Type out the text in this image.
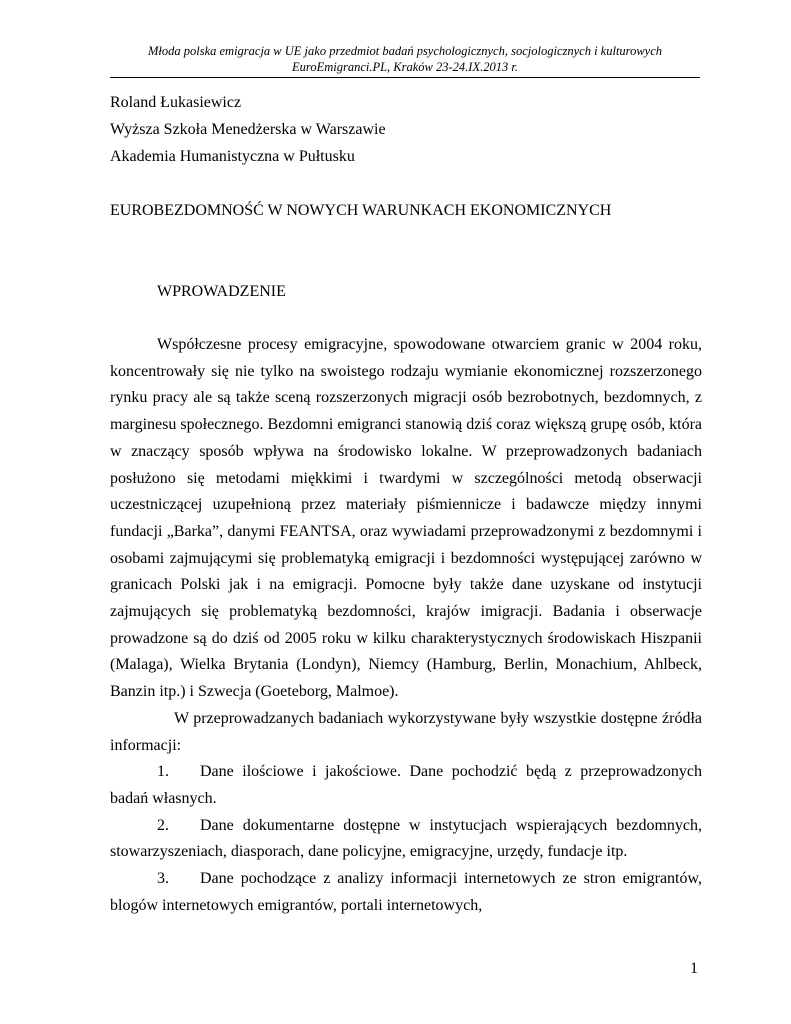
Młoda polska emigracja w UE jako przedmiot badań psychologicznych, socjologicznych i kulturowych
EuroEmigranci.PL, Kraków 23-24.IX.2013 r.
Roland Łukasiewicz
Wyższa Szkoła Menedżerska w Warszawie
Akademia Humanistyczna w Pułtusku
EUROBEZDOMNOŚĆ W NOWYCH WARUNKACH EKONOMICZNYCH
WPROWADZENIE

Współczesne procesy emigracyjne, spowodowane otwarciem granic w 2004 roku, koncentrowały się nie tylko na swoistego rodzaju wymianie ekonomicznej rozszerzonego rynku pracy ale są także sceną rozszerzonych migracji osób bezrobotnych, bezdomnych, z marginesu społecznego. Bezdomni emigranci stanowią dziś coraz większą grupę osób, która w znaczący sposób wpływa na środowisko lokalne. W przeprowadzonych badaniach posłużono się metodami miękkimi i twardymi w szczególności metodą obserwacji uczestniczącej uzupełnioną przez materiały piśmiennicze i badawcze między innymi fundacji „Barka”, danymi FEANTSA, oraz wywiadami przeprowadzonymi z bezdomnymi i osobami zajmującymi się problematyką emigracji i bezdomności występującej zarówno w granicach Polski jak i na emigracji. Pomocne były także dane uzyskane od instytucji zajmujących się problematyką bezdomności, krajów imigracji. Badania i obserwacje prowadzone są do dziś od 2005 roku w kilku charakterystycznych środowiskach Hiszpanii (Malaga), Wielka Brytania (Londyn), Niemcy (Hamburg, Berlin, Monachium, Ahlbeck, Banzin itp.) i Szwecja (Goeteborg, Malmoe).

W przeprowadzanych badaniach wykorzystywane były wszystkie dostępne źródła informacji:

1. Dane ilościowe i jakościowe. Dane pochodzić będą z przeprowadzonych badań własnych.

2. Dane dokumentarne dostępne w instytucjach wspierających bezdomnych, stowarzyszeniach, diasporach, dane policyjne, emigracyjne, urzędy, fundacje itp.

3. Dane pochodzące z analizy informacji internetowych ze stron emigrantów, blogów internetowych emigrantów, portali internetowych,

1
